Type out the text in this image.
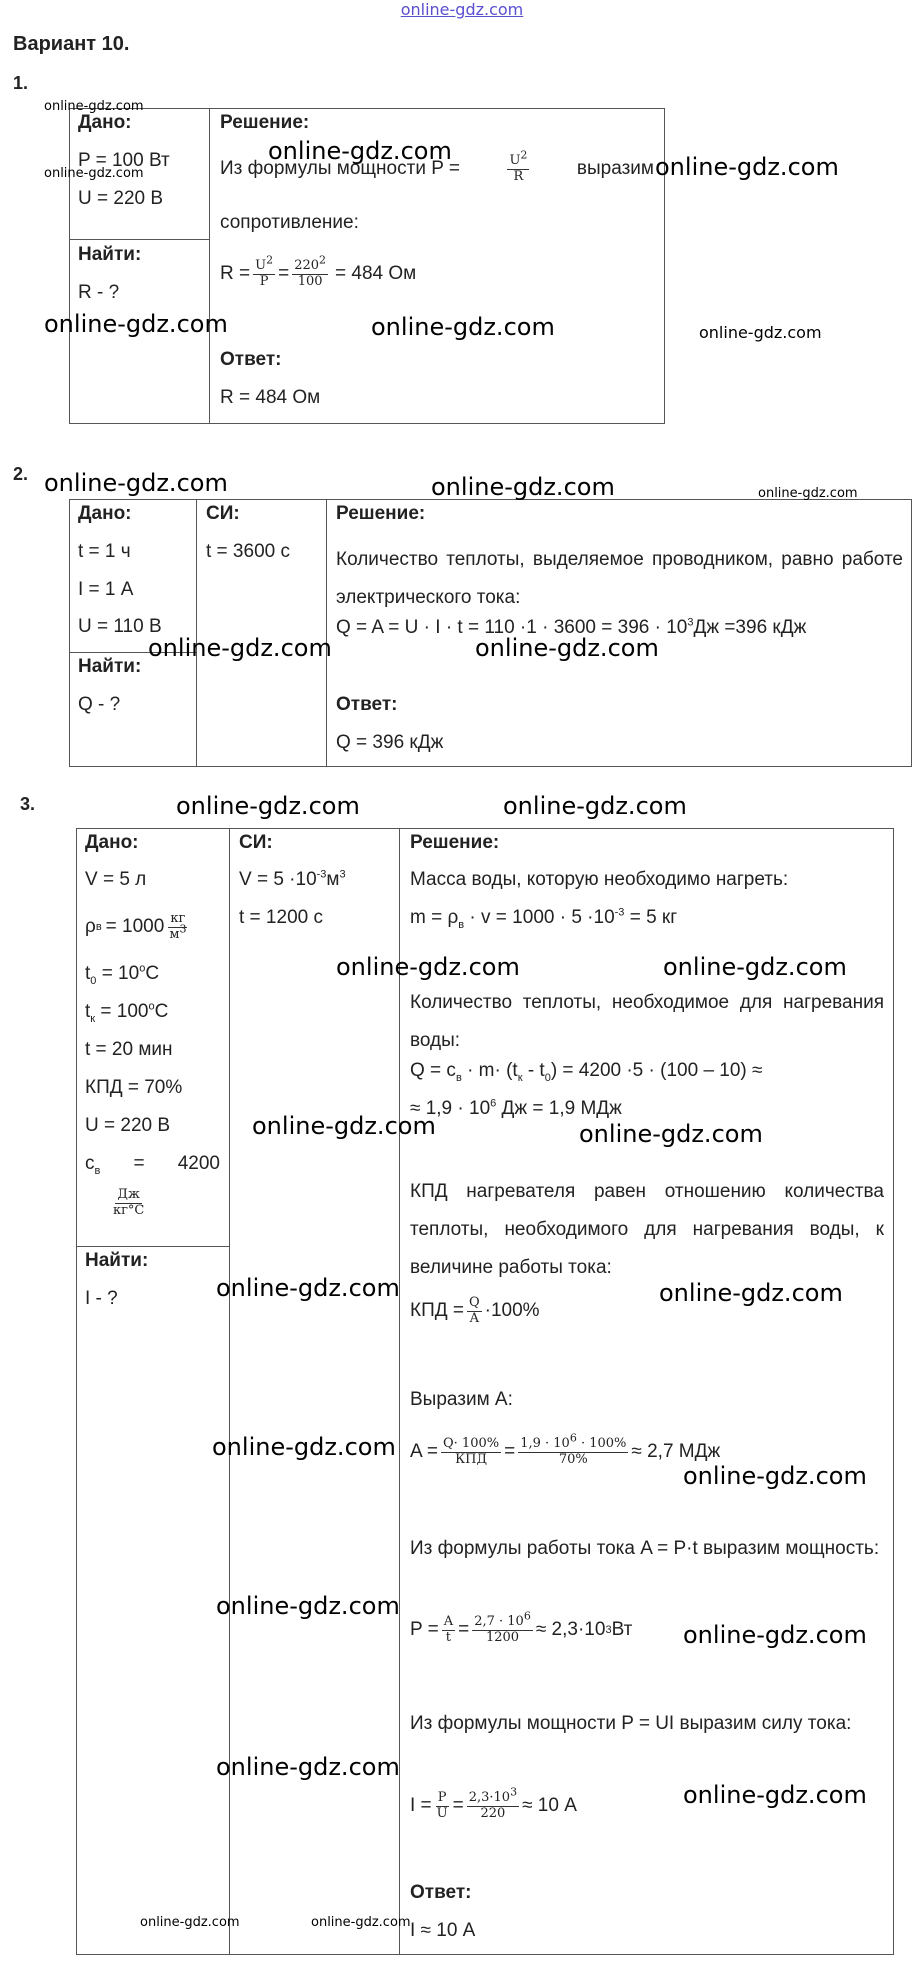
online-gdz.com
Вариант 10.
1.
Дано:
P = 100 Вт
U = 220 В
Найти:
R - ?
Решение:
Из формулы мощности P =	$\frac{U^2}{R}$	выразим
сопротивление:
$R = \frac{U^2}{P} = \frac{220^2}{100} = 484$ Ом
Ответ:
R = 484 Ом
2.
Дано:
t = 1 ч
I = 1 А
U = 110 В
Найти:
Q - ?
СИ:
t = 3600 с
Решение:
Количество теплоты, выделяемое проводником, равно работе электрического тока:
$Q = A = U \cdot I \cdot t = 110 \cdot 1 \cdot 3600 = 396 \cdot 10^3Дж =396$ кДж
Ответ:
Q = 396 кДж
3.
Дано:
V = 5 л
ρ $в = 1000 \frac{кг}{м^3}$
$t_0 = 10^oC$
$t_к = 100^oC$
t = 20 мин
КПД = 70%
U = 220 В
$c_в = 4200$
$\frac{Дж}{кг^\circ C}$
Найти:
I - ?
СИ:
$V = 5 \cdot 10^{-3}м^3$
t = 1200 с
Решение:
Масса воды, которую необходимо нагреть:
$m = \rho_в \cdot v = 1000 \cdot 5 \cdot 10^{-3} = 5$ кг
Количество теплоты, необходимое для нагревания воды:
$Q = c_в \cdot m\cdot (t_к - t_0) = 4200 \cdot 5 \cdot (100 - 10)$ ≈
≈ $1,9 \cdot 10^6$ Дж = 1,9 МДж
КПД нагревателя равен отношению количества теплоты, необходимого для нагревания воды, к величине работы тока:
КПД = $\frac{Q}{A} \cdot 100\%$
Выразим А:
$A = \frac{Q\cdot 100\%}{\text{КПД}} = \frac{1,9 \cdot 10^6 \cdot 100\%}{70\%} \approx 2,7$ МДж
Из формулы работы тока A = P·t выразим мощность:
$P = \frac{A}{t} = \frac{2,7 \cdot 10^6}{1200} \approx 2,3\cdot 10$ 3 Вт
Из формулы мощности P = UI выразим силу тока:
$I = \frac{P}{U} = \frac{2,3\cdot 10^3}{220} \approx 10$ А
Ответ:
I ≈ 10 А
online-gdz.com
online-gdz.com
online-gdz.com
online-gdz.com
online-gdz.com	online-gdz.com	online-gdz.com
online-gdz.com	online-gdz.com	online-gdz.com
online-gdz.com	online-gdz.com
online-gdz.com	online-gdz.com
online-gdz.com	online-gdz.com
online-gdz.com	online-gdz.com
online-gdz.com	online-gdz.com
online-gdz.com
online-gdz.com
online-gdz.com
online-gdz.com
online-gdz.com
online-gdz.com
online-gdz.com	online-gdz.com
